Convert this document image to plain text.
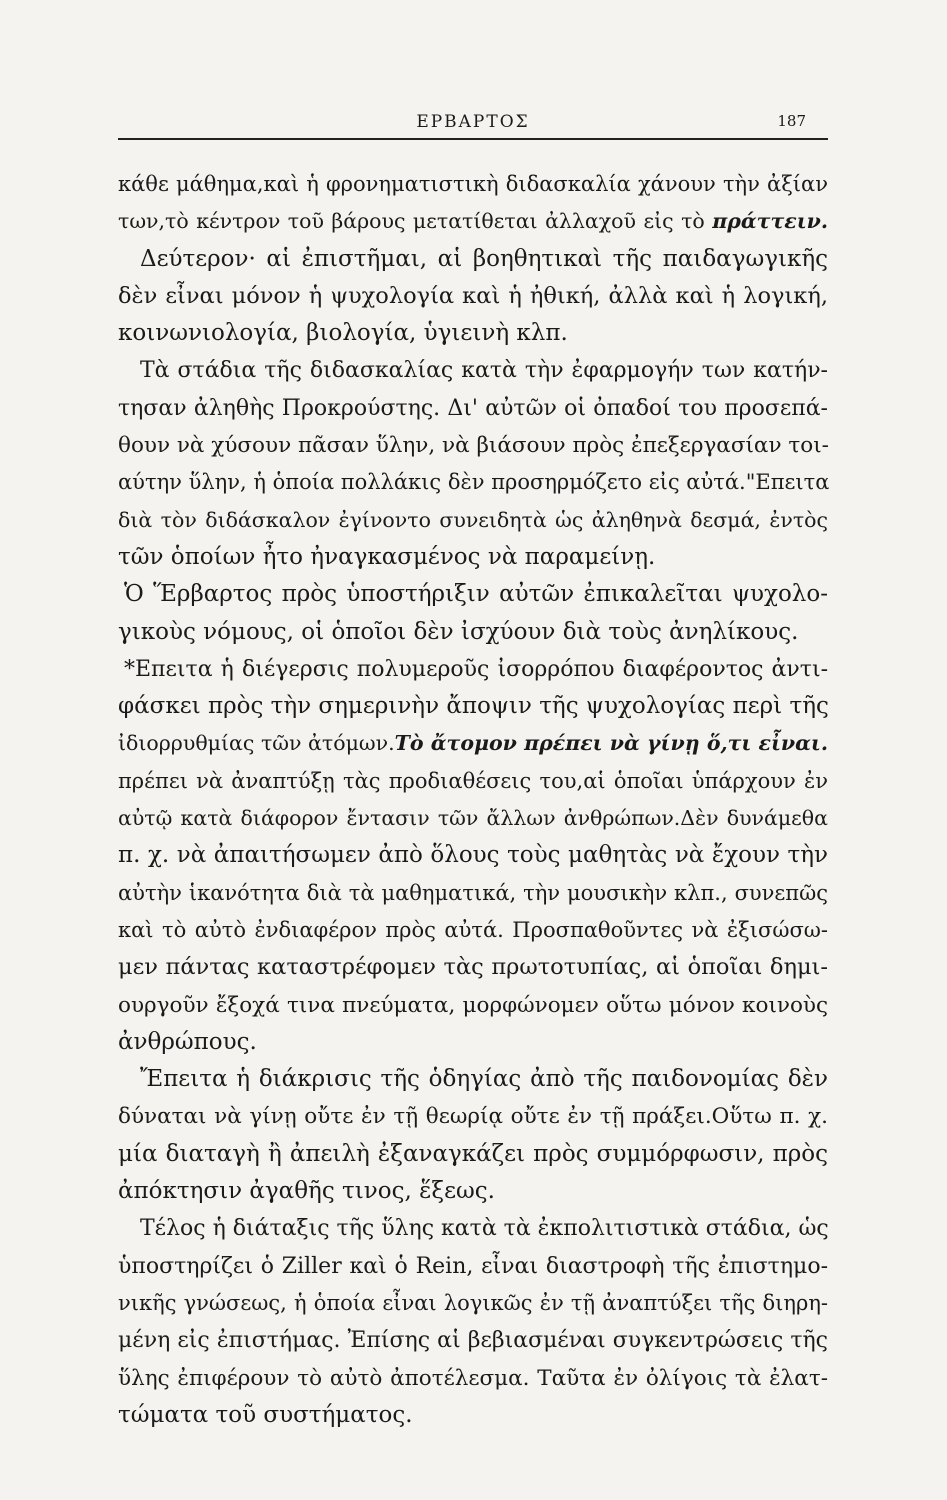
ΕΡΒΑΡΤΟΣ	187
κάθε μάθημα,καὶ ἡ φρονηματιστικὴ διδασκαλία χάνουν τὴν ἀξίαν
των,τὸ κέντρον τοῦ βάρους μετατίθεται ἀλλαχοῦ εἰς τὸ πράττειν.
Δεύτερον· αἱ ἐπιστῆμαι, αἱ βοηθητικαὶ τῆς παιδαγωγικῆς
δὲν εἶναι μόνον ἡ ψυχολογία καὶ ἡ ἠθική, ἀλλὰ καὶ ἡ λογική,
κοινωνιολογία, βιολογία, ὑγιεινὴ κλπ.
Τὰ στάδια τῆς διδασκαλίας κατὰ τὴν ἐφαρμογήν των κατήν-
τησαν ἀληθὴς Προκρούστης. Δι' αὐτῶν οἱ ὀπαδοί του προσεπά-
θουν νὰ χύσουν πᾶσαν ὕλην, νὰ βιάσουν πρὸς ἐπεξεργασίαν τοι-
αύτην ὕλην, ἡ ὁποία πολλάκις δὲν προσηρμόζετο εἰς αὐτά."Επειτα
διὰ τὸν διδάσκαλον ἐγίνοντο συνειδητὰ ὡς ἀληθηνὰ δεσμά, ἐντὸς
τῶν ὁποίων ἦτο ἠναγκασμένος νὰ παραμείνῃ.
Ὁ Ἕρβαρτος πρὸς ὑποστήριξιν αὐτῶν ἐπικαλεῖται ψυχολο-
γικοὺς νόμους, οἱ ὁποῖοι δὲν ἰσχύουν διὰ τοὺς ἀνηλίκους.
*Επειτα ἡ διέγερσις πολυμεροῦς ἰσορρόπου διαφέροντος ἀντι-
φάσκει πρὸς τὴν σημερινὴν ἄποψιν τῆς ψυχολογίας περὶ τῆς
ἰδιορρυθμίας τῶν ἀτόμων.Τὸ ἄτομον πρέπει νὰ γίνῃ ὅ,τι εἶναι.
πρέπει νὰ ἀναπτύξῃ τὰς προδιαθέσεις του,αἱ ὁποῖαι ὑπάρχουν ἐν
αὐτῷ κατὰ διάφορον ἔντασιν τῶν ἄλλων ἀνθρώπων.Δὲν δυνάμεθα
π. χ. νὰ ἀπαιτήσωμεν ἀπὸ ὅλους τοὺς μαθητὰς νὰ ἔχουν τὴν
αὐτὴν ἱκανότητα διὰ τὰ μαθηματικά, τὴν μουσικὴν κλπ., συνεπῶς
καὶ τὸ αὐτὸ ἐνδιαφέρον πρὸς αὐτά. Προσπαθοῦντες νὰ ἐξισώσω-
μεν πάντας καταστρέφομεν τὰς πρωτοτυπίας, αἱ ὁποῖαι δημι-
ουργοῦν ἔξοχά τινα πνεύματα, μορφώνομεν οὕτω μόνον κοινοὺς
ἀνθρώπους.
Ἔπειτα ἡ διάκρισις τῆς ὁδηγίας ἀπὸ τῆς παιδονομίας δὲν
δύναται νὰ γίνῃ οὔτε ἐν τῇ θεωρίᾳ οὔτε ἐν τῇ πράξει.Οὕτω π. χ.
μία διαταγὴ ἢ ἀπειλὴ ἐξαναγκάζει πρὸς συμμόρφωσιν, πρὸς
ἀπόκτησιν ἀγαθῆς τινος, ἕξεως.
Τέλος ἡ διάταξις τῆς ὕλης κατὰ τὰ ἐκπολιτιστικὰ στάδια, ὡς
ὑποστηρίζει ὁ Ziller καὶ ὁ Rein, εἶναι διαστροφὴ τῆς ἐπιστημο-
νικῆς γνώσεως, ἡ ὁποία εἶναι λογικῶς ἐν τῇ ἀναπτύξει τῆς διηρη-
μένη εἰς ἐπιστήμας. Ἐπίσης αἱ βεβιασμέναι συγκεντρώσεις τῆς
ὕλης ἐπιφέρουν τὸ αὐτὸ ἀποτέλεσμα. Ταῦτα ἐν ὀλίγοις τὰ ἐλατ-
τώματα τοῦ συστήματος.
